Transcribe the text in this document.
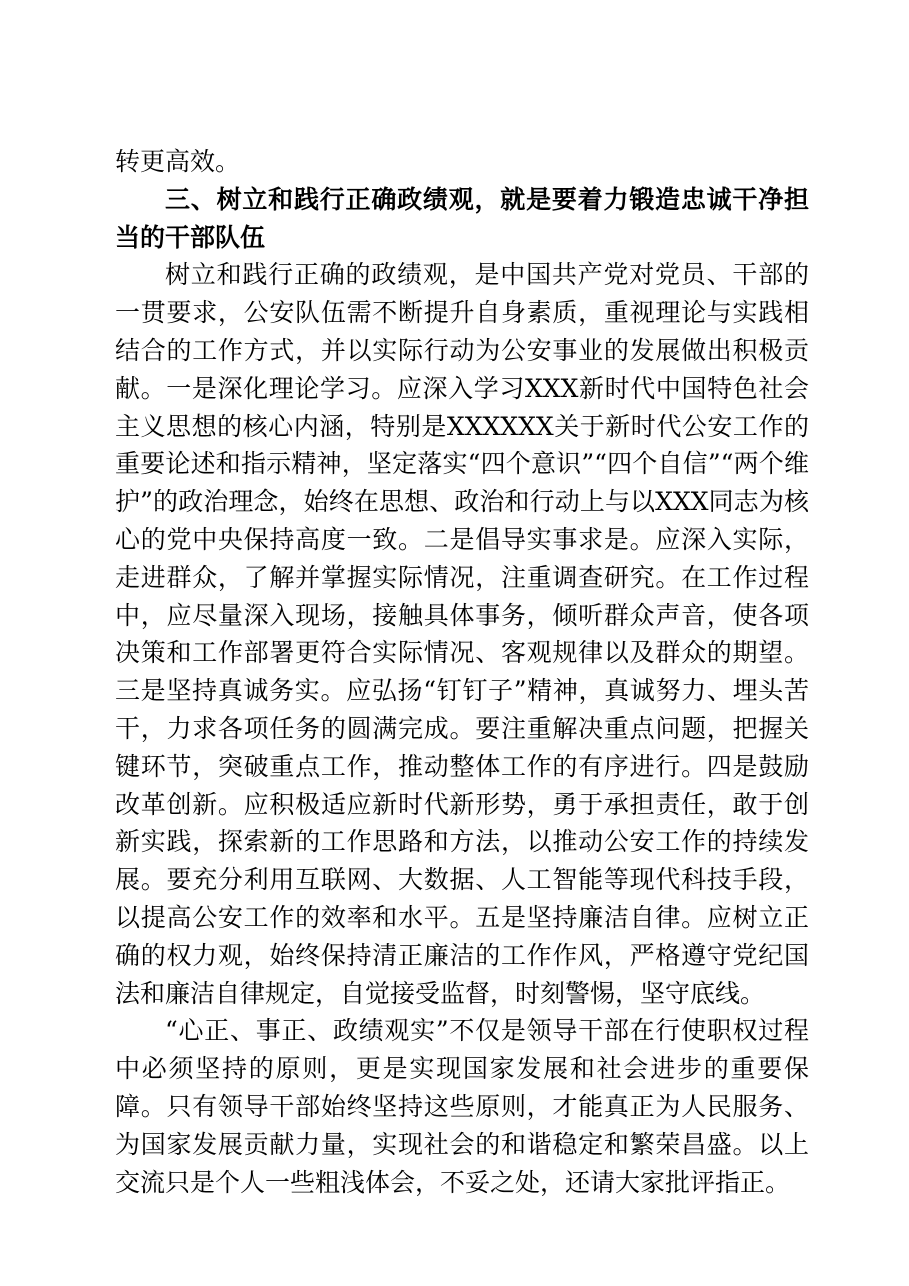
转更高效。

三、树立和践行正确政绩观，就是要着力锻造忠诚干净担当的干部队伍

树立和践行正确的政绩观，是中国共产党对党员、干部的一贯要求，公安队伍需不断提升自身素质，重视理论与实践相结合的工作方式，并以实际行动为公安事业的发展做出积极贡献。一是深化理论学习。应深入学习XXX新时代中国特色社会主义思想的核心内涵，特别是XXXXXX关于新时代公安工作的重要论述和指示精神，坚定落实“四个意识”“四个自信”“两个维护”的政治理念，始终在思想、政治和行动上与以XXX同志为核心的党中央保持高度一致。二是倡导实事求是。应深入实际，走进群众，了解并掌握实际情况，注重调查研究。在工作过程中，应尽量深入现场，接触具体事务，倾听群众声音，使各项决策和工作部署更符合实际情况、客观规律以及群众的期望。三是坚持真诚务实。应弘扬“钉钉子”精神，真诚努力、埋头苦干，力求各项任务的圆满完成。要注重解决重点问题，把握关键环节，突破重点工作，推动整体工作的有序进行。四是鼓励改革创新。应积极适应新时代新形势，勇于承担责任，敢于创新实践，探索新的工作思路和方法，以推动公安工作的持续发展。要充分利用互联网、大数据、人工智能等现代科技手段，以提高公安工作的效率和水平。五是坚持廉洁自律。应树立正确的权力观，始终保持清正廉洁的工作作风，严格遵守党纪国法和廉洁自律规定，自觉接受监督，时刻警惕，坚守底线。

“心正、事正、政绩观实”不仅是领导干部在行使职权过程中必须坚持的原则，更是实现国家发展和社会进步的重要保障。只有领导干部始终坚持这些原则，才能真正为人民服务、为国家发展贡献力量，实现社会的和谐稳定和繁荣昌盛。以上交流只是个人一些粗浅体会，不妥之处，还请大家批评指正。
